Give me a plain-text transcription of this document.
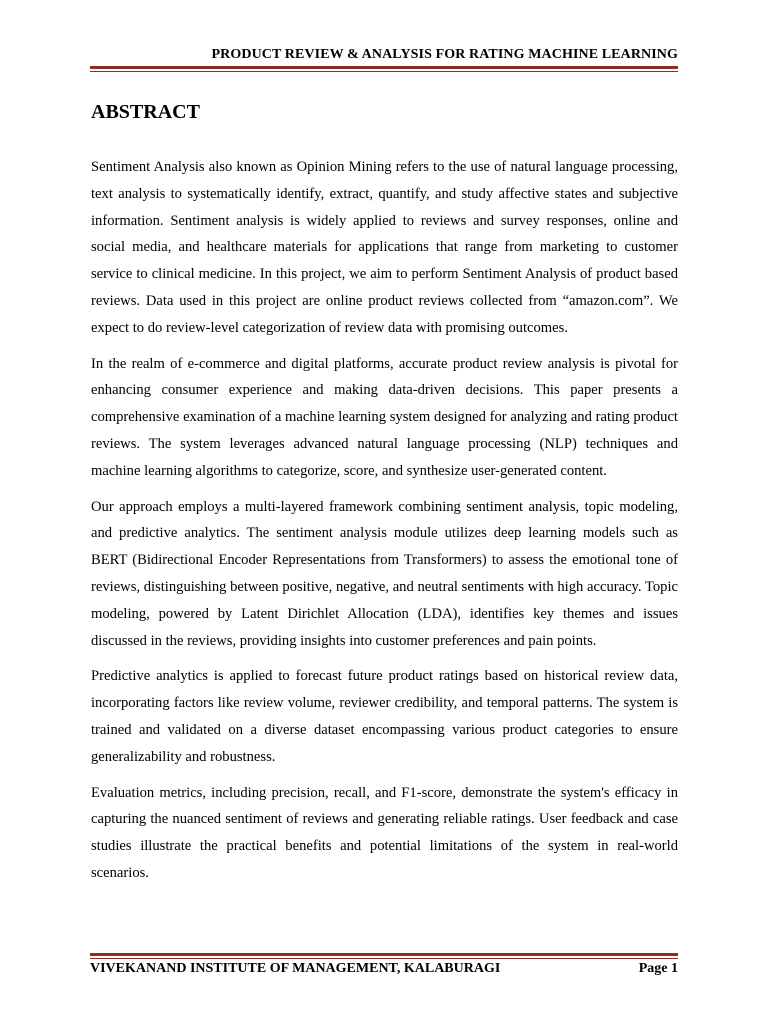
PRODUCT REVIEW & ANALYSIS FOR RATING MACHINE LEARNING
ABSTRACT

Sentiment Analysis also known as Opinion Mining refers to the use of natural language processing, text analysis to systematically identify, extract, quantify, and study affective states and subjective information. Sentiment analysis is widely applied to reviews and survey responses, online and social media, and healthcare materials for applications that range from marketing to customer service to clinical medicine. In this project, we aim to perform Sentiment Analysis of product based reviews. Data used in this project are online product reviews collected from “amazon.com”. We expect to do review-level categorization of review data with promising outcomes.

In the realm of e-commerce and digital platforms, accurate product review analysis is pivotal for enhancing consumer experience and making data-driven decisions. This paper presents a comprehensive examination of a machine learning system designed for analyzing and rating product reviews. The system leverages advanced natural language processing (NLP) techniques and machine learning algorithms to categorize, score, and synthesize user-generated content.

Our approach employs a multi-layered framework combining sentiment analysis, topic modeling, and predictive analytics. The sentiment analysis module utilizes deep learning models such as BERT (Bidirectional Encoder Representations from Transformers) to assess the emotional tone of reviews, distinguishing between positive, negative, and neutral sentiments with high accuracy. Topic modeling, powered by Latent Dirichlet Allocation (LDA), identifies key themes and issues discussed in the reviews, providing insights into customer preferences and pain points.

Predictive analytics is applied to forecast future product ratings based on historical review data, incorporating factors like review volume, reviewer credibility, and temporal patterns. The system is trained and validated on a diverse dataset encompassing various product categories to ensure generalizability and robustness.

Evaluation metrics, including precision, recall, and F1-score, demonstrate the system's efficacy in capturing the nuanced sentiment of reviews and generating reliable ratings. User feedback and case studies illustrate the practical benefits and potential limitations of the system in real-world scenarios.

VIVEKANAND INSTITUTE OF MANAGEMENT, KALABURAGI	Page 1
